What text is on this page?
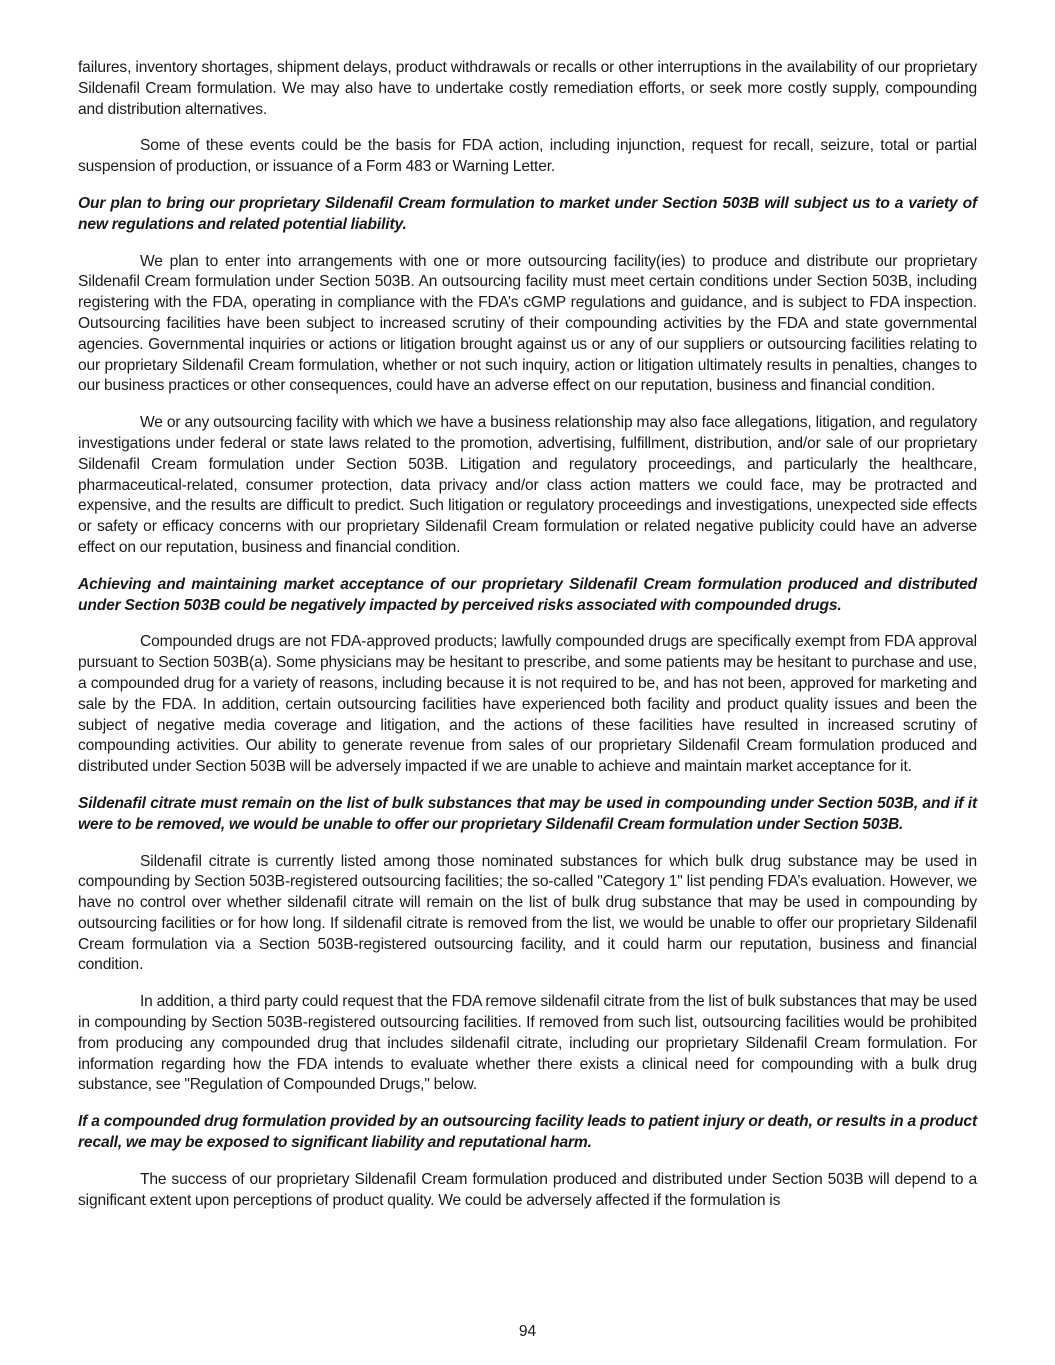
failures, inventory shortages, shipment delays, product withdrawals or recalls or other interruptions in the availability of our proprietary Sildenafil Cream formulation. We may also have to undertake costly remediation efforts, or seek more costly supply, compounding and distribution alternatives.

Some of these events could be the basis for FDA action, including injunction, request for recall, seizure, total or partial suspension of production, or issuance of a Form 483 or Warning Letter.

Our plan to bring our proprietary Sildenafil Cream formulation to market under Section 503B will subject us to a variety of new regulations and related potential liability.

We plan to enter into arrangements with one or more outsourcing facility(ies) to produce and distribute our proprietary Sildenafil Cream formulation under Section 503B. An outsourcing facility must meet certain conditions under Section 503B, including registering with the FDA, operating in compliance with the FDA’s cGMP regulations and guidance, and is subject to FDA inspection. Outsourcing facilities have been subject to increased scrutiny of their compounding activities by the FDA and state governmental agencies. Governmental inquiries or actions or litigation brought against us or any of our suppliers or outsourcing facilities relating to our proprietary Sildenafil Cream formulation, whether or not such inquiry, action or litigation ultimately results in penalties, changes to our business practices or other consequences, could have an adverse effect on our reputation, business and financial condition.

We or any outsourcing facility with which we have a business relationship may also face allegations, litigation, and regulatory investigations under federal or state laws related to the promotion, advertising, fulfillment, distribution, and/or sale of our proprietary Sildenafil Cream formulation under Section 503B. Litigation and regulatory proceedings, and particularly the healthcare, pharmaceutical-related, consumer protection, data privacy and/or class action matters we could face, may be protracted and expensive, and the results are difficult to predict. Such litigation or regulatory proceedings and investigations, unexpected side effects or safety or efficacy concerns with our proprietary Sildenafil Cream formulation or related negative publicity could have an adverse effect on our reputation, business and financial condition.

Achieving and maintaining market acceptance of our proprietary Sildenafil Cream formulation produced and distributed under Section 503B could be negatively impacted by perceived risks associated with compounded drugs.

Compounded drugs are not FDA-approved products; lawfully compounded drugs are specifically exempt from FDA approval pursuant to Section 503B(a). Some physicians may be hesitant to prescribe, and some patients may be hesitant to purchase and use, a compounded drug for a variety of reasons, including because it is not required to be, and has not been, approved for marketing and sale by the FDA. In addition, certain outsourcing facilities have experienced both facility and product quality issues and been the subject of negative media coverage and litigation, and the actions of these facilities have resulted in increased scrutiny of compounding activities. Our ability to generate revenue from sales of our proprietary Sildenafil Cream formulation produced and distributed under Section 503B will be adversely impacted if we are unable to achieve and maintain market acceptance for it.

Sildenafil citrate must remain on the list of bulk substances that may be used in compounding under Section 503B, and if it were to be removed, we would be unable to offer our proprietary Sildenafil Cream formulation under Section 503B.

Sildenafil citrate is currently listed among those nominated substances for which bulk drug substance may be used in compounding by Section 503B-registered outsourcing facilities; the so-called "Category 1" list pending FDA’s evaluation. However, we have no control over whether sildenafil citrate will remain on the list of bulk drug substance that may be used in compounding by outsourcing facilities or for how long. If sildenafil citrate is removed from the list, we would be unable to offer our proprietary Sildenafil Cream formulation via a Section 503B-registered outsourcing facility, and it could harm our reputation, business and financial condition.

In addition, a third party could request that the FDA remove sildenafil citrate from the list of bulk substances that may be used in compounding by Section 503B-registered outsourcing facilities. If removed from such list, outsourcing facilities would be prohibited from producing any compounded drug that includes sildenafil citrate, including our proprietary Sildenafil Cream formulation. For information regarding how the FDA intends to evaluate whether there exists a clinical need for compounding with a bulk drug substance, see "Regulation of Compounded Drugs," below.

If a compounded drug formulation provided by an outsourcing facility leads to patient injury or death, or results in a product recall, we may be exposed to significant liability and reputational harm.

The success of our proprietary Sildenafil Cream formulation produced and distributed under Section 503B will depend to a significant extent upon perceptions of product quality. We could be adversely affected if the formulation is

94
